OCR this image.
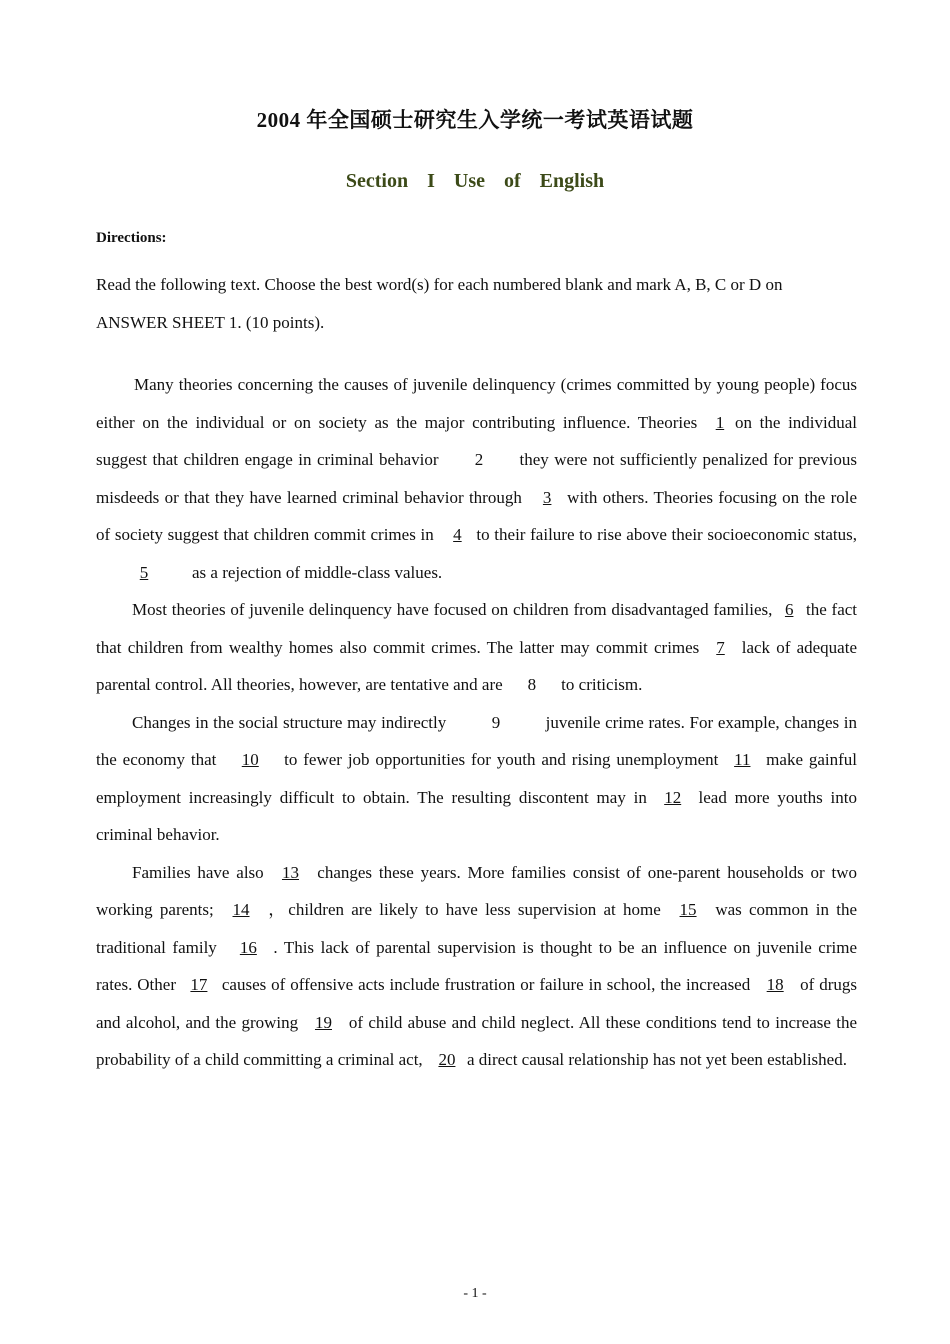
2004 年全国硕士研究生入学统一考试英语试题
Section I Use of English
Directions:
Read the following text. Choose the best word(s) for each numbered blank and mark A, B, C or D on ANSWER SHEET 1. (10 points).

Many theories concerning the causes of juvenile delinquency (crimes committed by young people) focus either on the individual or on society as the major contributing influence. Theories 1 on the individual suggest that children engage in criminal behavior 2 they were not sufficiently penalized for previous misdeeds or that they have learned criminal behavior through 3 with others. Theories focusing on the role of society suggest that children commit crimes in 4 to their failure to rise above their socioeconomic status, 5	as a rejection of middle-class values.

Most theories of juvenile delinquency have focused on children from disadvantaged families, 6 the fact that children from wealthy homes also commit crimes. The latter may commit crimes 7 lack of adequate parental control. All theories, however, are tentative and are 8 to criticism.

Changes in the social structure may indirectly	9	juvenile crime rates. For example, changes in the economy that 10 to fewer job opportunities for youth and rising unemployment 11 make gainful employment increasingly difficult to obtain. The resulting discontent may in 12 lead more youths into criminal behavior.

Families have also 13 changes these years. More families consist of one-parent households or two working parents; 14 ，children are likely to have less supervision at home 15 was common in the traditional family 16 . This lack of parental supervision is thought to be an influence on juvenile crime rates. Other 17 causes of offensive acts include frustration or failure in school, the increased 18 of drugs and alcohol, and the growing 19 of child abuse and child neglect. All these conditions tend to increase the probability of a child committing a criminal act, 20 a direct causal relationship has not yet been established.

- 1 -
